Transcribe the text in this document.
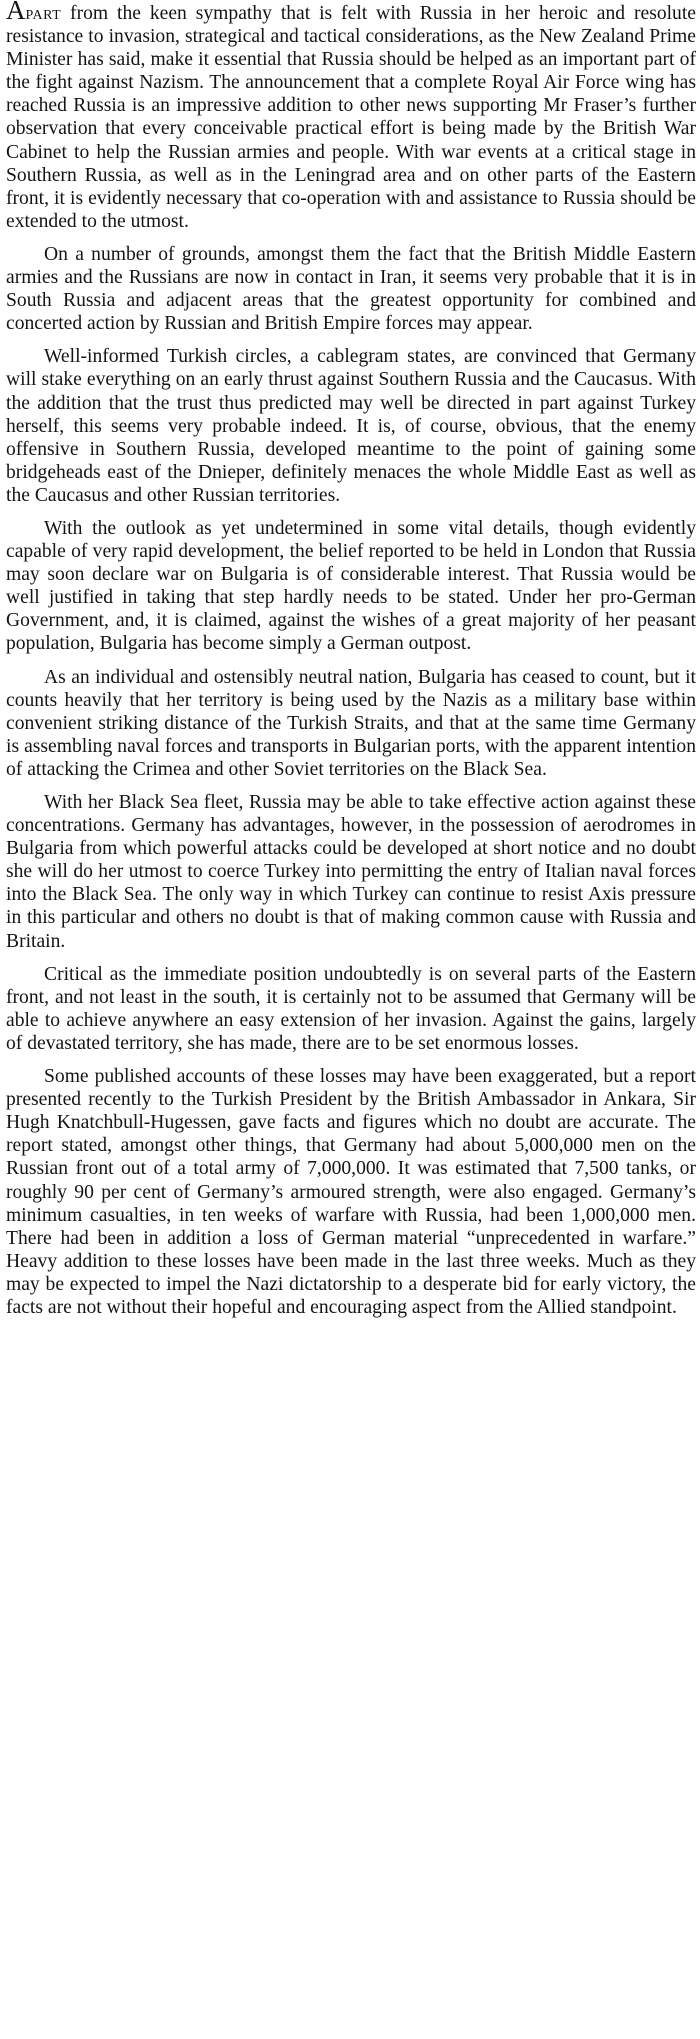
Apart from the keen sympathy that is felt with Russia in her heroic and resolute resistance to invasion, strategical and tactical considerations, as the New Zealand Prime Minister has said, make it essential that Russia should be helped as an important part of the fight against Nazism. The announcement that a complete Royal Air Force wing has reached Russia is an impressive addition to other news supporting Mr Fraser’s further observation that every conceivable practical effort is being made by the British War Cabinet to help the Russian armies and people. With war events at a critical stage in Southern Russia, as well as in the Leningrad area and on other parts of the Eastern front, it is evidently necessary that co-operation with and assistance to Russia should be extended to the utmost.

On a number of grounds, amongst them the fact that the British Middle Eastern armies and the Russians are now in contact in Iran, it seems very probable that it is in South Russia and adjacent areas that the greatest opportunity for combined and concerted action by Russian and British Empire forces may appear.

Well-informed Turkish circles, a cablegram states, are convinced that Germany will stake everything on an early thrust against Southern Russia and the Caucasus. With the addition that the trust thus predicted may well be directed in part against Turkey herself, this seems very probable indeed. It is, of course, obvious, that the enemy offensive in Southern Russia, developed meantime to the point of gaining some bridgeheads east of the Dnieper, definitely menaces the whole Middle East as well as the Caucasus and other Russian territories.

With the outlook as yet undetermined in some vital details, though evidently capable of very rapid development, the belief reported to be held in London that Russia may soon declare war on Bulgaria is of considerable interest. That Russia would be well justified in taking that step hardly needs to be stated. Under her pro-German Government, and, it is claimed, against the wishes of a great majority of her peasant population, Bulgaria has become simply a German outpost.

As an individual and ostensibly neutral nation, Bulgaria has ceased to count, but it counts heavily that her territory is being used by the Nazis as a military base within convenient striking distance of the Turkish Straits, and that at the same time Germany is assembling naval forces and transports in Bulgarian ports, with the apparent intention of attacking the Crimea and other Soviet territories on the Black Sea.

With her Black Sea fleet, Russia may be able to take effective action against these concentrations. Germany has advantages, however, in the possession of aerodromes in Bulgaria from which powerful attacks could be developed at short notice and no doubt she will do her utmost to coerce Turkey into permitting the entry of Italian naval forces into the Black Sea. The only way in which Turkey can continue to resist Axis pressure in this particular and others no doubt is that of making common cause with Russia and Britain.

Critical as the immediate position undoubtedly is on several parts of the Eastern front, and not least in the south, it is certainly not to be assumed that Germany will be able to achieve anywhere an easy extension of her invasion. Against the gains, largely of devastated territory, she has made, there are to be set enormous losses.

Some published accounts of these losses may have been exaggerated, but a report presented recently to the Turkish President by the British Ambassador in Ankara, Sir Hugh Knatchbull-Hugessen, gave facts and figures which no doubt are accurate. The report stated, amongst other things, that Germany had about 5,000,000 men on the Russian front out of a total army of 7,000,000. It was estimated that 7,500 tanks, or roughly 90 per cent of Germany’s armoured strength, were also engaged. Germany’s minimum casualties, in ten weeks of warfare with Russia, had been 1,000,000 men. There had been in addition a loss of German material “unprecedented in warfare.” Heavy addition to these losses have been made in the last three weeks. Much as they may be expected to impel the Nazi dictatorship to a desperate bid for early victory, the facts are not without their hopeful and encouraging aspect from the Allied standpoint.
